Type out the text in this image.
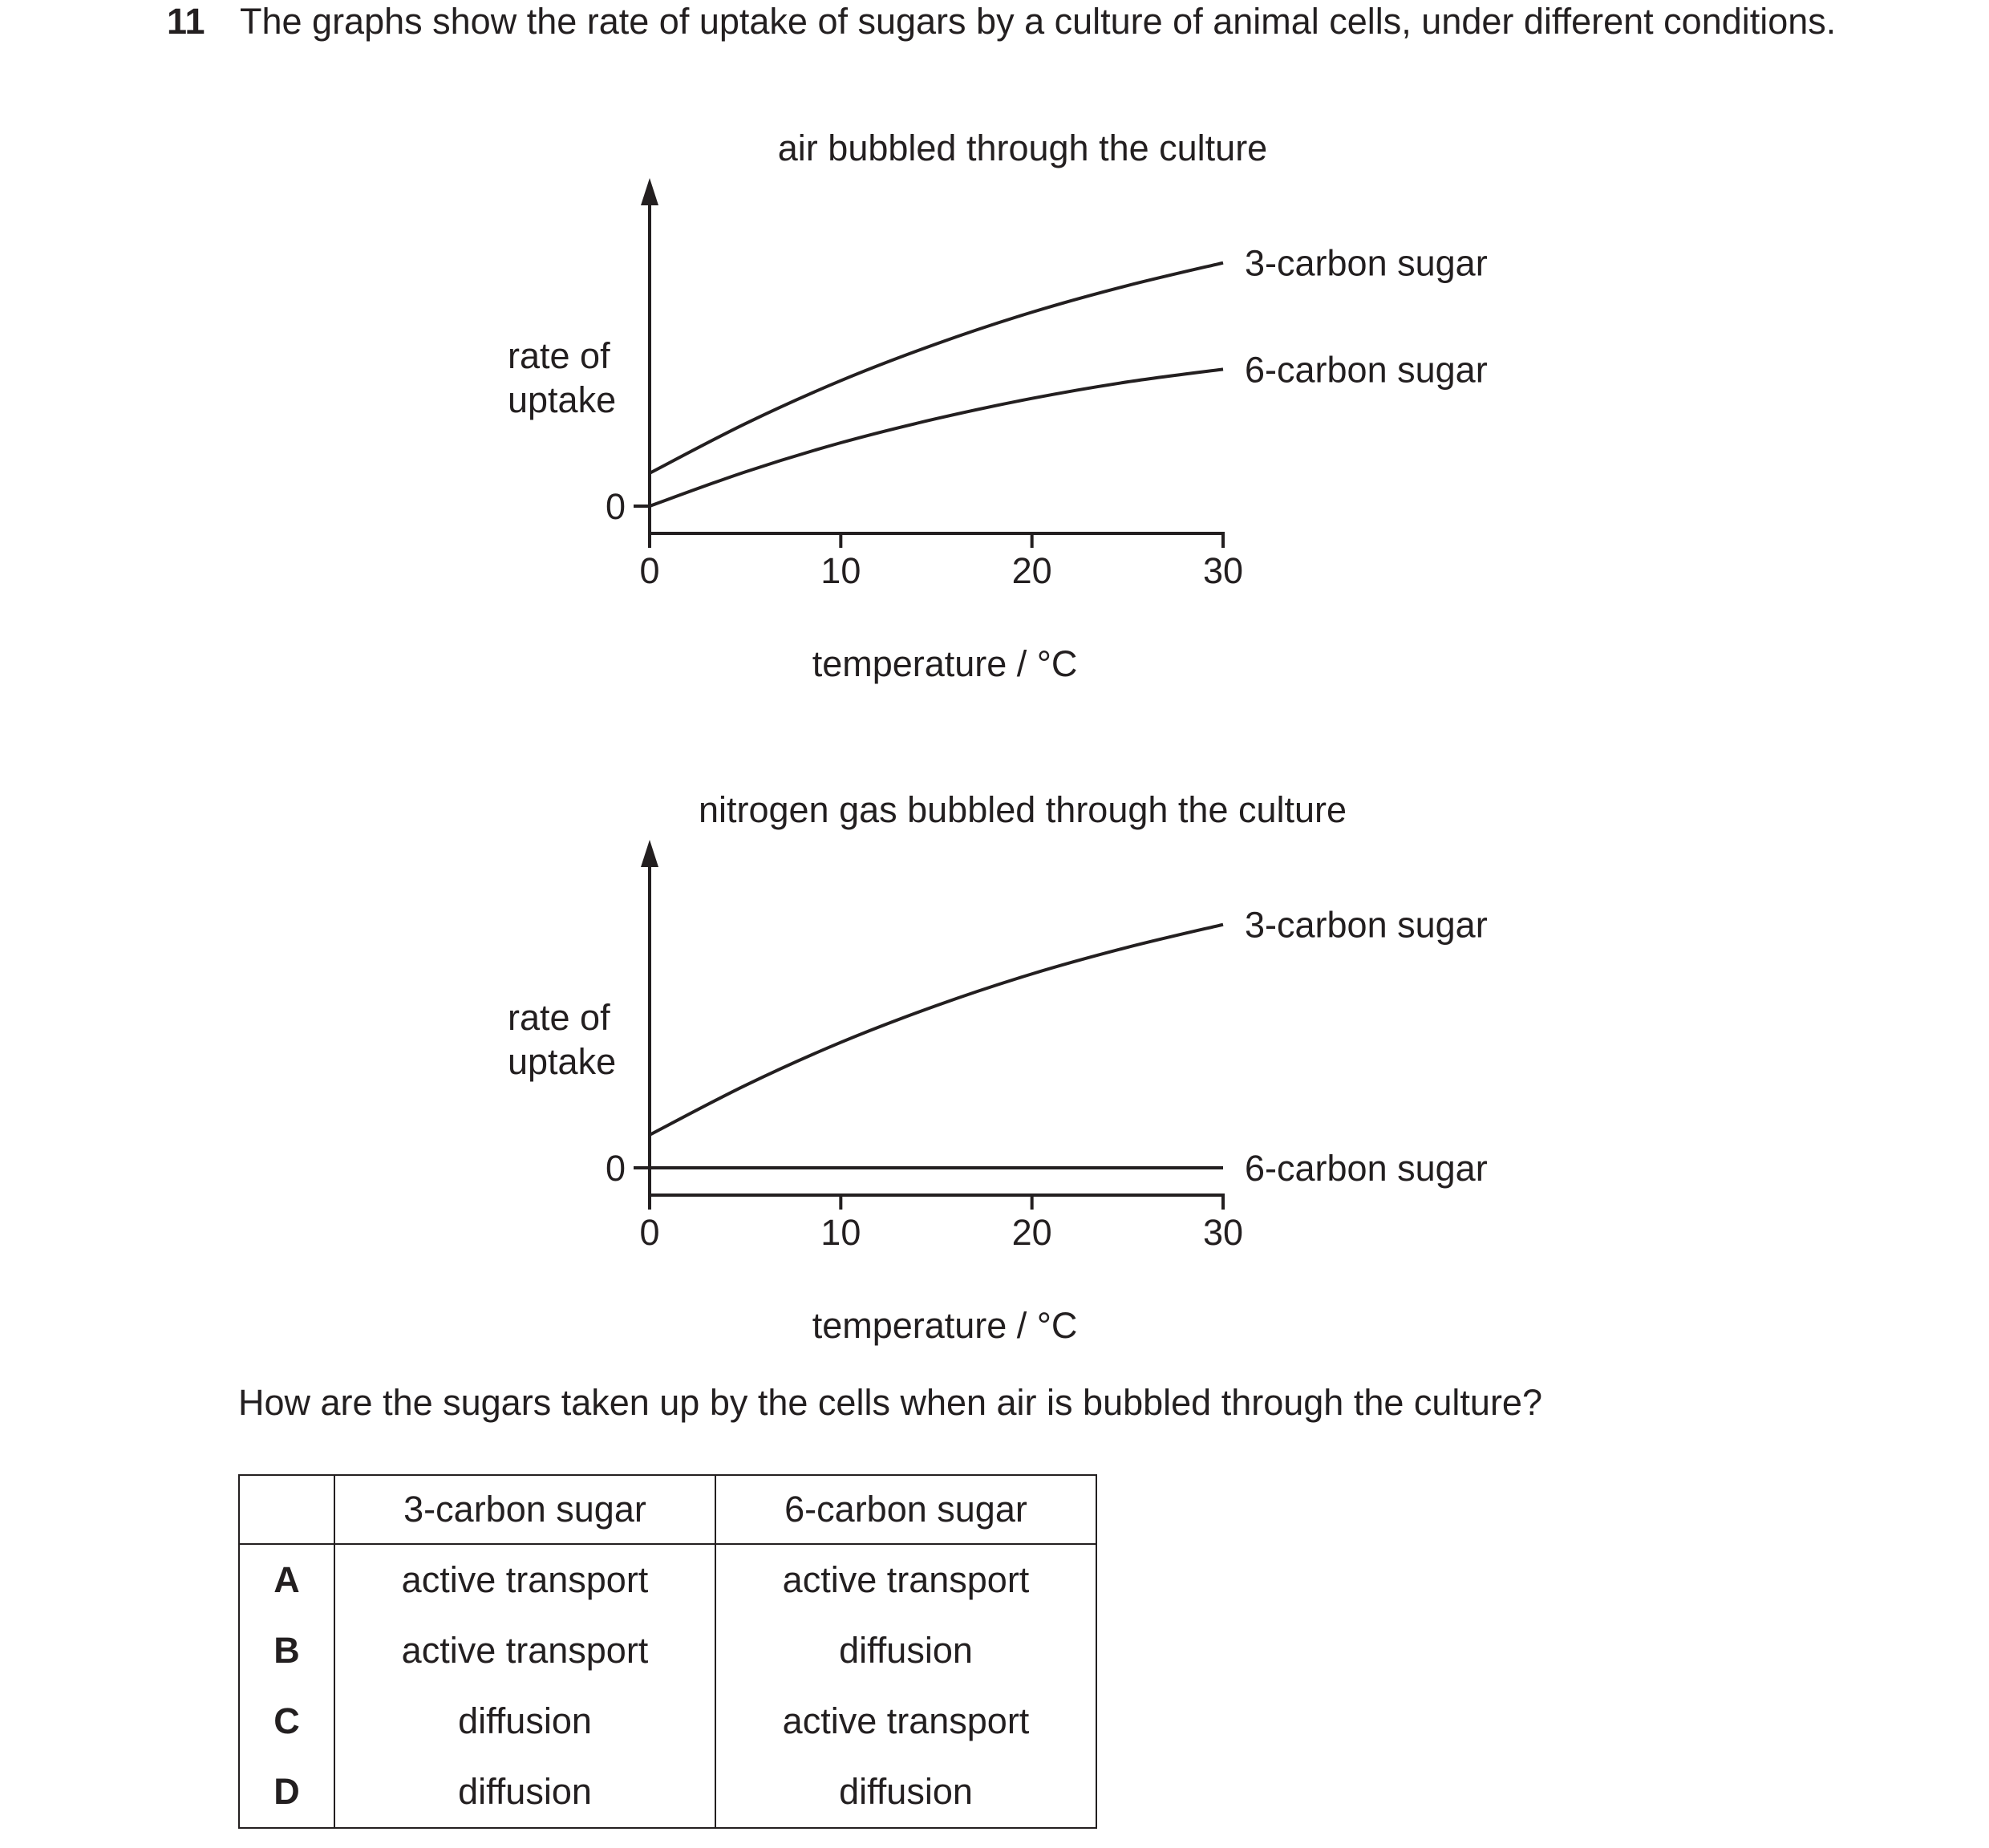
11 The graphs show the rate of uptake of sugars by a culture of animal cells, under different conditions.
air bubbled through the culture
0	10	20	30
0
rate of uptake
temperature / °C
3-carbon sugar
6-carbon sugar
nitrogen gas bubbled through the culture
0	10	20	30
0
rate of uptake
temperature / °C
3-carbon sugar
6-carbon sugar
How are the sugars taken up by the cells when air is bubbled through the culture?
	3-carbon sugar	6-carbon sugar
A	active transport	active transport
B	active transport	diffusion
C	diffusion	active transport
D	diffusion	diffusion
